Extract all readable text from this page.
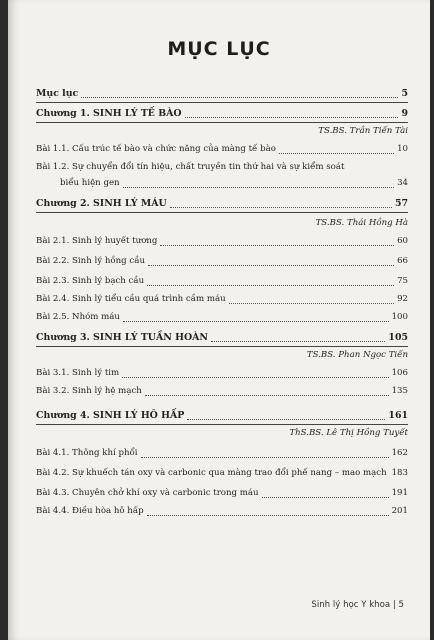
MỤC LỤC
Mục lục	5
Chương 1. SINH LÝ TẾ BÀO	9
TS.BS. Trần Tiến Tài
Bài 1.1. Cấu trúc tế bào và chức năng của màng tế bào	10
Bài 1.2. Sự chuyển đổi tín hiệu, chất truyền tin thứ hai và sự kiểm soát
biểu hiện gen	34
Chương 2. SINH LÝ MÁU	57
TS.BS. Thái Hồng Hà
Bài 2.1. Sinh lý huyết tương	60
Bài 2.2. Sinh lý hồng cầu	66
Bài 2.3. Sinh lý bạch cầu	75
Bài 2.4. Sinh lý tiểu cầu quá trình cầm máu	92
Bài 2.5. Nhóm máu	100
Chương 3. SINH LÝ TUẦN HOÀN	105
TS.BS. Phan Ngọc Tiến
Bài 3.1. Sinh lý tim	106
Bài 3.2. Sinh lý hệ mạch	135
Chương 4. SINH LÝ HÔ HẤP	161
ThS.BS. Lê Thị Hồng Tuyết
Bài 4.1. Thông khí phổi	162
Bài 4.2. Sự khuếch tán oxy và carbonic qua màng trao đổi phế nang – mao mạch 183
Bài 4.3. Chuyên chở khí oxy và carbonic trong máu	191
Bài 4.4. Điều hòa hô hấp	201
Sinh lý học Y khoa | 5
